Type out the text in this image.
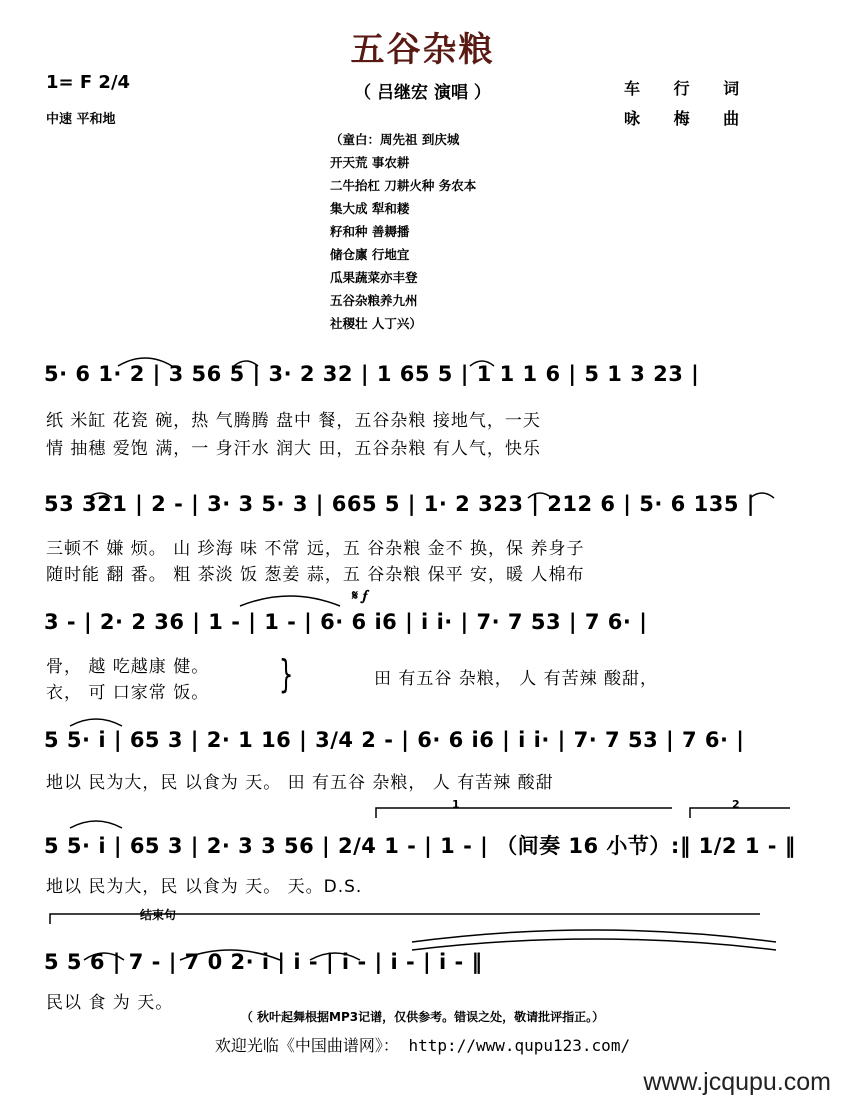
五谷杂粮
（ 吕继宏 演唱 ）
1= F 2/4
中速 平和地
车 行 词
咏 梅 曲
（童白：周先祖 到庆城
开天荒 事农耕
二牛抬杠 刀耕火种 务农本
集大成 犁和耧
籽和种 善耨播
储仓廪 行地宜
瓜果蔬菜亦丰登
五谷杂粮养九州
社稷壮 人丁兴）
1	2
5· 6 1· 2 | 3 56 5 | 3· 2 32 | 1 65 5 | 1 1 1 6 | 5 1 3 23 |
纸 米缸 花瓷 碗，热 气腾腾 盘中 餐，五谷杂粮 接地气，一天
情 抽穗 爱饱 满，一 身汗水 润大 田，五谷杂粮 有人气，快乐
53 321 | 2 - | 3· 3 5· 3 | 665 5 | 1· 2 323 | 212 6 | 5· 6 135 |
三顿不 嫌 烦。 山 珍海 味 不常 远，五 谷杂粮 金不 换，保 养身子
随时能 翻 番。 粗 茶淡 饭 葱姜 蒜，五 谷杂粮 保平 安，暖 人棉布
𝄋 𝆑
3 - | 2· 2 36 | 1 - | 1 - | 6· 6 i6 | i i· | 7· 7 53 | 7 6· |
骨， 越 吃越康 健。
衣， 可 口家常 饭。 }	田 有五谷 杂粮， 人 有苦辣 酸甜，
5 5· i | 65 3 | 2· 1 16 | 3/4 2 - | 6· 6 i6 | i i· | 7· 7 53 | 7 6· |
地以 民为大，民 以食为 天。 田 有五谷 杂粮， 人 有苦辣 酸甜
5 5· i | 65 3 | 2· 3 3 56 | 2/4 1 - | 1 - | （间奏 16 小节）:‖ 1/2 1 - ‖
地以 民为大，民 以食为 天。 天。D.S.
结束句
5 5 6 | 7 - | 7 0 2· i | i - | i - | i - | i - ‖
民以 食 为 天。
（ 秋叶起舞根据MP3记谱，仅供参考。错误之处，敬请批评指正。）
欢迎光临《中国曲谱网》： http://www.qupu123.com/
www.jcqupu.com
